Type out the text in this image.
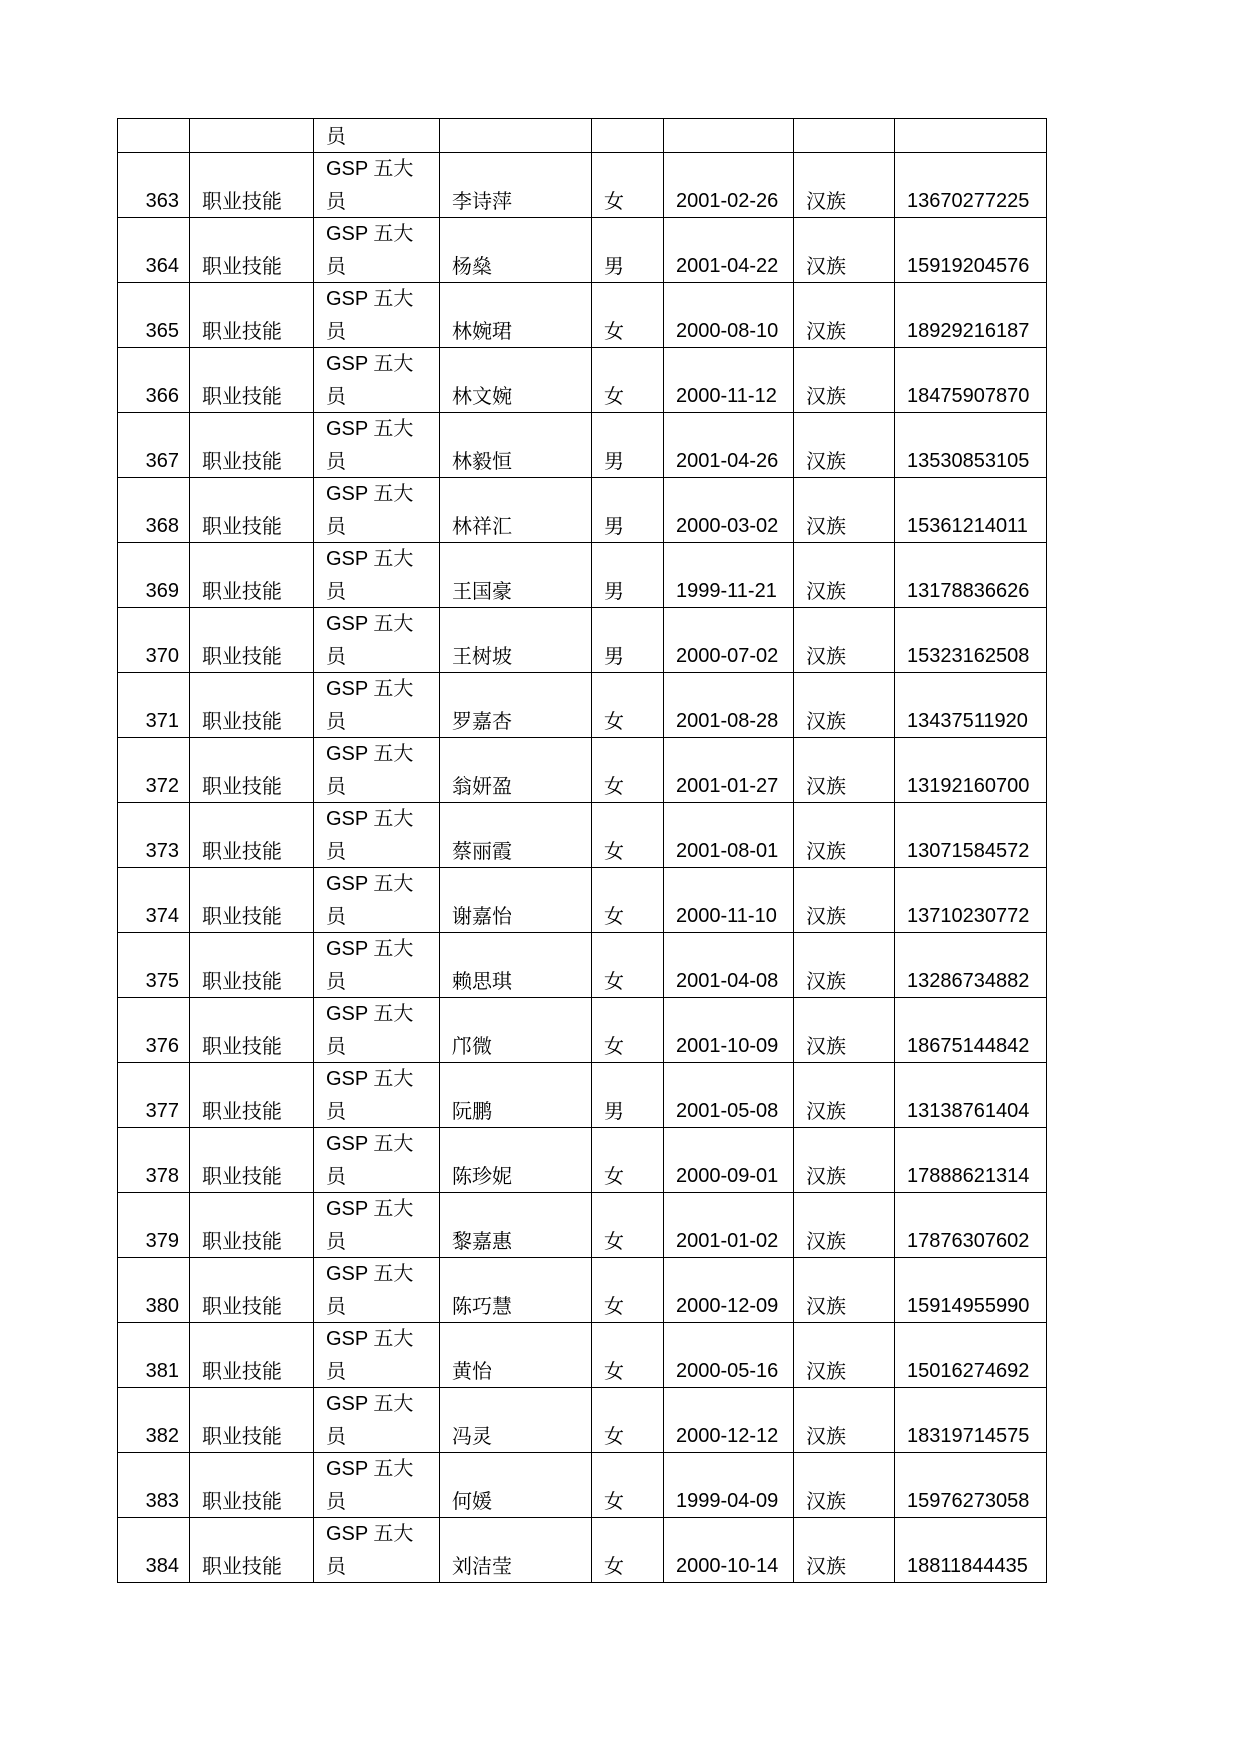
		员					

363	职业技能	GSP 五大
员	李诗萍	女	2001-02-26	汉族	13670277225

364	职业技能	GSP 五大
员	杨燊	男	2001-04-22	汉族	15919204576

365	职业技能	GSP 五大
员	林婉珺	女	2000-08-10	汉族	18929216187

366	职业技能	GSP 五大
员	林文婉	女	2000-11-12	汉族	18475907870

367	职业技能	GSP 五大
员	林毅恒	男	2001-04-26	汉族	13530853105

368	职业技能	GSP 五大
员	林祥汇	男	2000-03-02	汉族	15361214011

369	职业技能	GSP 五大
员	王国豪	男	1999-11-21	汉族	13178836626

370	职业技能	GSP 五大
员	王树坡	男	2000-07-02	汉族	15323162508

371	职业技能	GSP 五大
员	罗嘉杏	女	2001-08-28	汉族	13437511920

372	职业技能	GSP 五大
员	翁妍盈	女	2001-01-27	汉族	13192160700

373	职业技能	GSP 五大
员	蔡丽霞	女	2001-08-01	汉族	13071584572

374	职业技能	GSP 五大
员	谢嘉怡	女	2000-11-10	汉族	13710230772

375	职业技能	GSP 五大
员	赖思琪	女	2001-04-08	汉族	13286734882

376	职业技能	GSP 五大
员	邝微	女	2001-10-09	汉族	18675144842

377	职业技能	GSP 五大
员	阮鹏	男	2001-05-08	汉族	13138761404

378	职业技能	GSP 五大
员	陈珍妮	女	2000-09-01	汉族	17888621314

379	职业技能	GSP 五大
员	黎嘉惠	女	2001-01-02	汉族	17876307602

380	职业技能	GSP 五大
员	陈巧慧	女	2000-12-09	汉族	15914955990

381	职业技能	GSP 五大
员	黄怡	女	2000-05-16	汉族	15016274692

382	职业技能	GSP 五大
员	冯灵	女	2000-12-12	汉族	18319714575

383	职业技能	GSP 五大
员	何媛	女	1999-04-09	汉族	15976273058

384	职业技能	GSP 五大
员	刘洁莹	女	2000-10-14	汉族	18811844435
